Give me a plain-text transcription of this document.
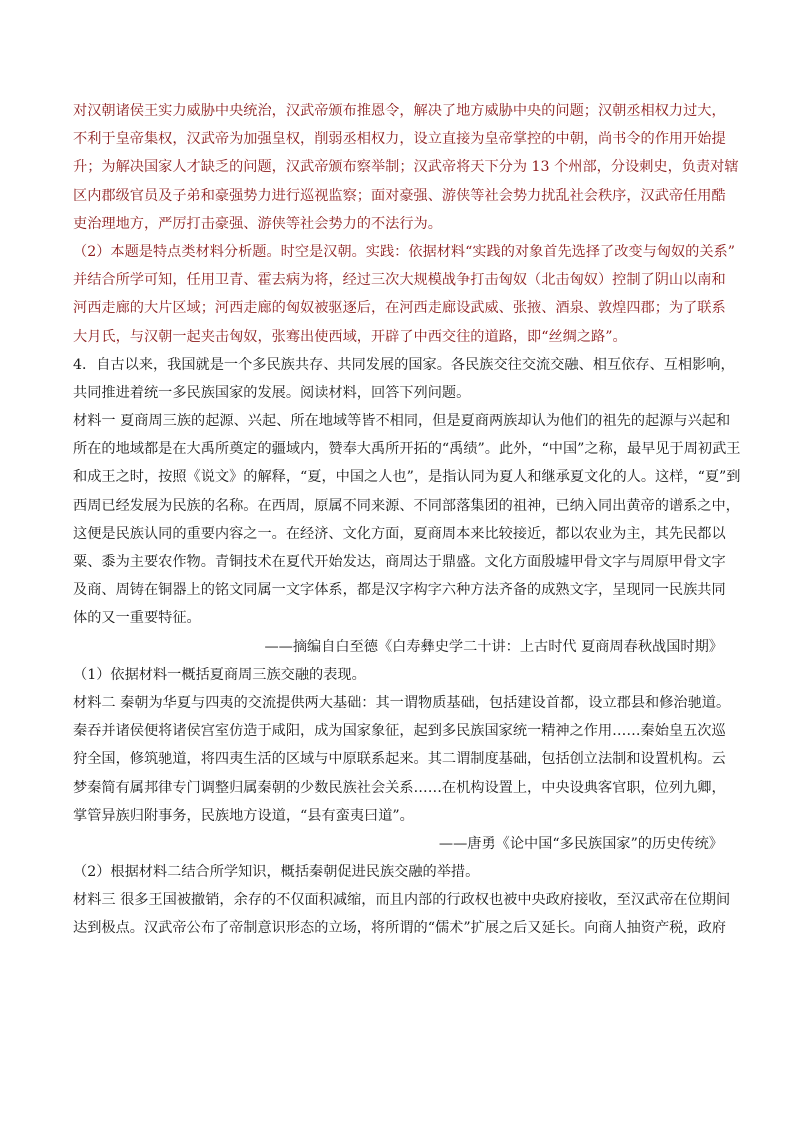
对汉朝诸侯王实力威胁中央统治，汉武帝颁布推恩令，解决了地方威胁中央的问题；汉朝丞相权力过大，
不利于皇帝集权，汉武帝为加强皇权，削弱丞相权力，设立直接为皇帝掌控的中朝，尚书令的作用开始提
升；为解决国家人才缺乏的问题，汉武帝颁布察举制；汉武帝将天下分为 13 个州部，分设刺史，负责对辖
区内郡级官员及子弟和豪强势力进行巡视监察；面对豪强、游侠等社会势力扰乱社会秩序，汉武帝任用酷
吏治理地方，严厉打击豪强、游侠等社会势力的不法行为。
（2）本题是特点类材料分析题。时空是汉朝。实践：依据材料“实践的对象首先选择了改变与匈奴的关系”
并结合所学可知，任用卫青、霍去病为将，经过三次大规模战争打击匈奴（北击匈奴）控制了阴山以南和
河西走廊的大片区域；河西走廊的匈奴被驱逐后，在河西走廊设武威、张掖、酒泉、敦煌四郡；为了联系
大月氏，与汉朝一起夹击匈奴，张骞出使西域，开辟了中西交往的道路，即“丝绸之路”。
4．自古以来，我国就是一个多民族共存、共同发展的国家。各民族交往交流交融、相互依存、互相影响，
共同推进着统一多民族国家的发展。阅读材料，回答下列问题。
材料一 夏商周三族的起源、兴起、所在地域等皆不相同，但是夏商两族却认为他们的祖先的起源与兴起和
所在的地域都是在大禹所奠定的疆域内，赞奉大禹所开拓的“禹绩”。此外，“中国”之称，最早见于周初武王
和成王之时，按照《说文》的解释，“夏，中国之人也”，是指认同为夏人和继承夏文化的人。这样，“夏”到
西周已经发展为民族的名称。在西周，原属不同来源、不同部落集团的祖神，已纳入同出黄帝的谱系之中，
这便是民族认同的重要内容之一。在经济、文化方面，夏商周本来比较接近，都以农业为主，其先民都以
粟、黍为主要农作物。青铜技术在夏代开始发达，商周达于鼎盛。文化方面殷墟甲骨文字与周原甲骨文字
及商、周铸在铜器上的铭文同属一文字体系，都是汉字构字六种方法齐备的成熟文字，呈现同一民族共同
体的又一重要特征。
——摘编自白至德《白寿彝史学二十讲：上古时代 夏商周春秋战国时期》
（1）依据材料一概括夏商周三族交融的表现。
材料二 秦朝为华夏与四夷的交流提供两大基础：其一谓物质基础，包括建设首都，设立郡县和修治驰道。
秦吞并诸侯便将诸侯宫室仿造于咸阳，成为国家象征，起到多民族国家统一精神之作用……秦始皇五次巡
狩全国，修筑驰道，将四夷生活的区域与中原联系起来。其二谓制度基础，包括创立法制和设置机构。云
梦秦简有属邦律专门调整归属秦朝的少数民族社会关系……在机构设置上，中央设典客官职，位列九卿，
掌管异族归附事务，民族地方设道，“县有蛮夷曰道”。
——唐勇《论中国“多民族国家”的历史传统》
（2）根据材料二结合所学知识，概括秦朝促进民族交融的举措。
材料三 很多王国被撤销，余存的不仅面积减缩，而且内部的行政权也被中央政府接收，至汉武帝在位期间
达到极点。汉武帝公布了帝制意识形态的立场，将所谓的“儒术”扩展之后又延长。向商人抽资产税，政府
